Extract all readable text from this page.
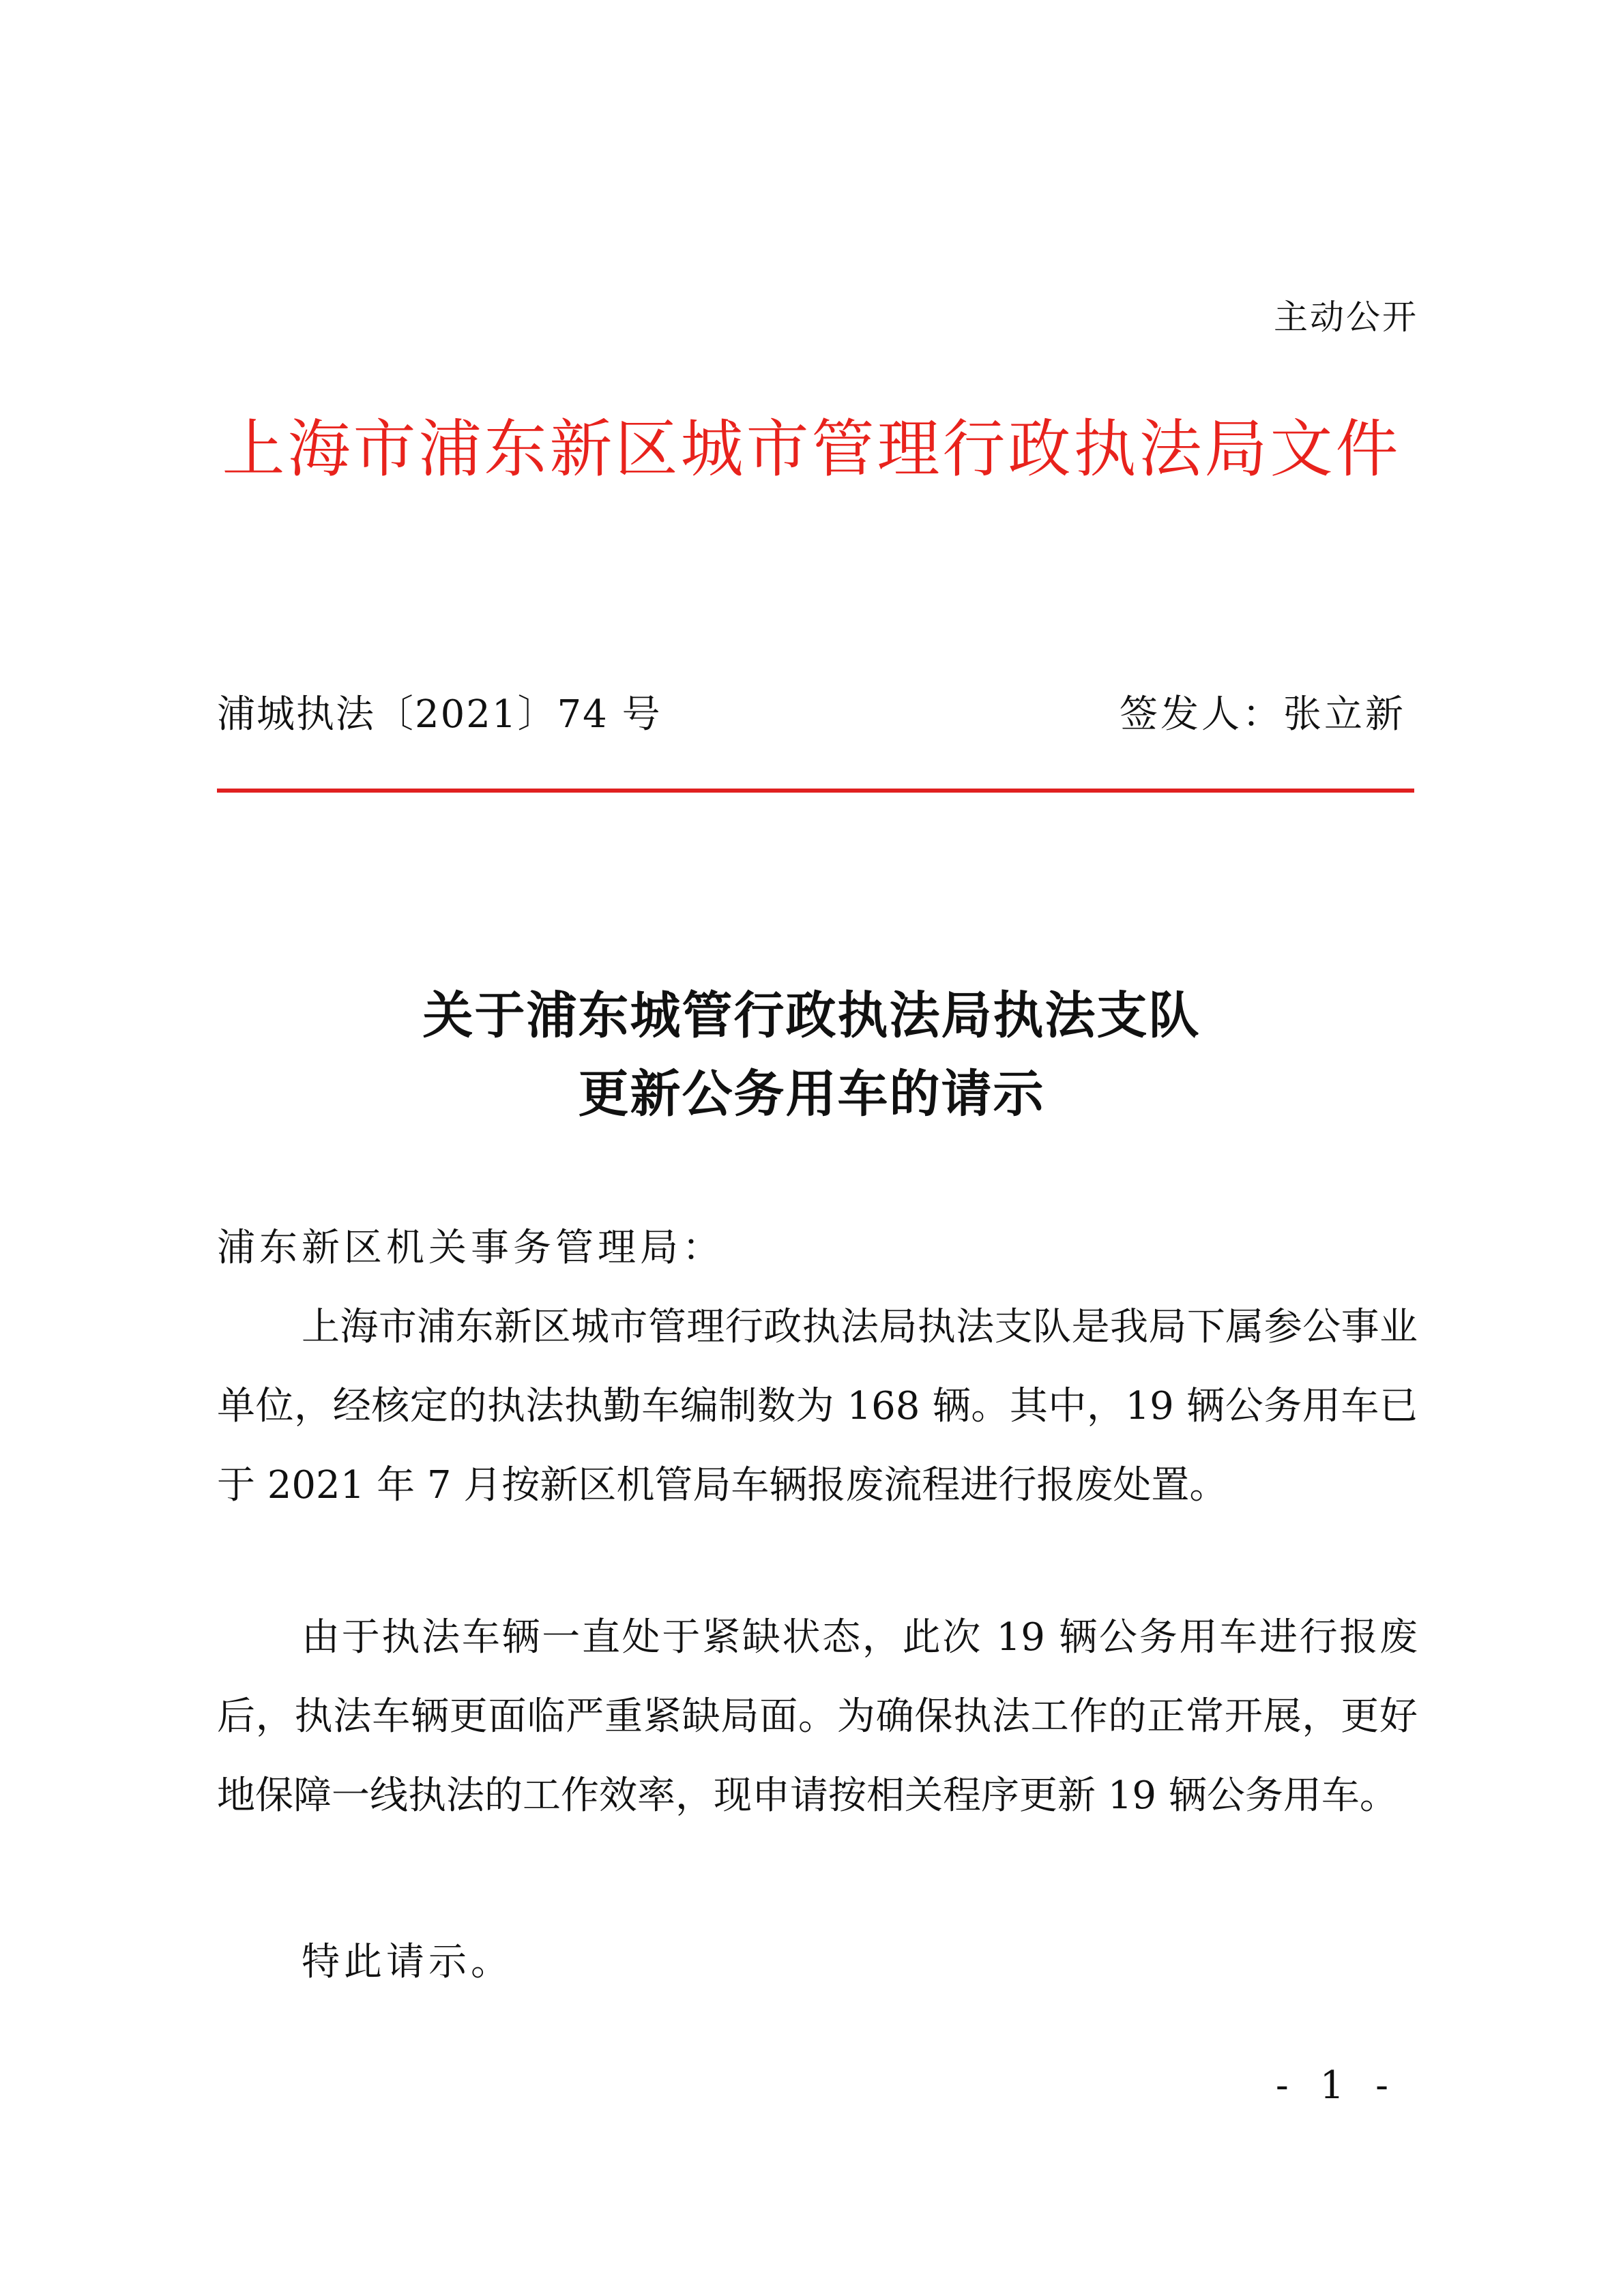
主动公开
上海市浦东新区城市管理行政执法局文件
浦城执法〔2021〕74 号	签发人：张立新
关于浦东城管行政执法局执法支队
更新公务用车的请示
浦东新区机关事务管理局：

上海市浦东新区城市管理行政执法局执法支队是我局下属参公事业单位，经核定的执法执勤车编制数为 168 辆。其中，19 辆公务用车已于 2021 年 7 月按新区机管局车辆报废流程进行报废处置。

由于执法车辆一直处于紧缺状态，此次 19 辆公务用车进行报废后，执法车辆更面临严重紧缺局面。为确保执法工作的正常开展，更好地保障一线执法的工作效率，现申请按相关程序更新 19 辆公务用车。

特此请示。
- 1 -
